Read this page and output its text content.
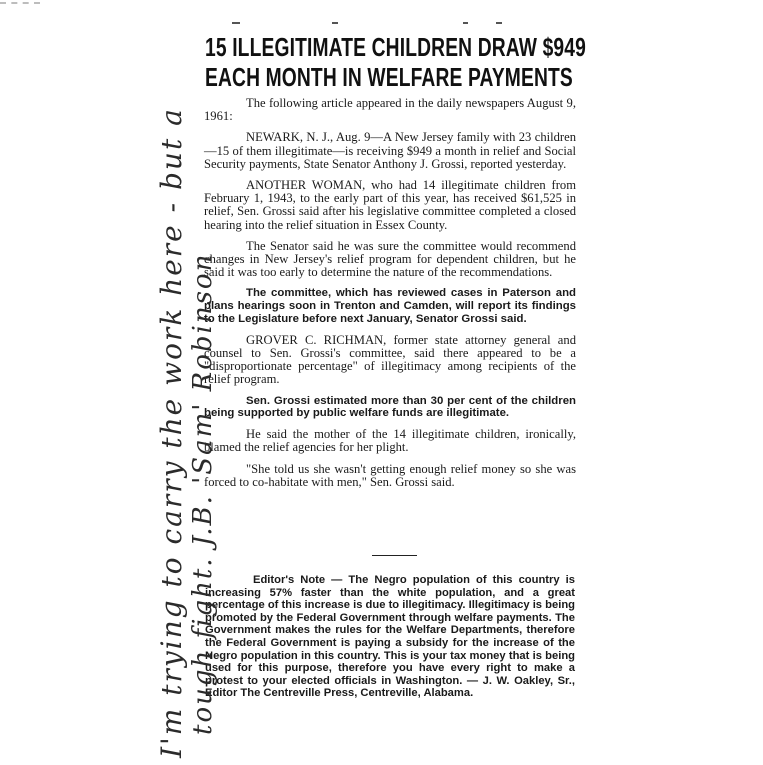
15 ILLEGITIMATE CHILDREN DRAW $949
EACH MONTH IN WELFARE PAYMENTS

The following article appeared in the daily newspapers August 9, 1961:

NEWARK, N. J., Aug. 9—A New Jersey family with 23 children—15 of them illegitimate—is receiving $949 a month in relief and Social Security payments, State Senator Anthony J. Grossi, reported yesterday.

ANOTHER WOMAN, who had 14 illegitimate children from February 1, 1943, to the early part of this year, has received $61,525 in relief, Sen. Grossi said after his legislative committee completed a closed hearing into the relief situation in Essex County.

The Senator said he was sure the committee would recommend changes in New Jersey's relief program for dependent children, but he said it was too early to determine the nature of the recommendations.

The committee, which has reviewed cases in Paterson and plans hearings soon in Trenton and Camden, will report its findings to the Legislature before next January, Senator Grossi said.

GROVER C. RICHMAN, former state attorney general and counsel to Sen. Grossi's committee, said there appeared to be a "disproportionate percentage" of illegitimacy among recipients of the relief program.

Sen. Grossi estimated more than 30 per cent of the children being supported by public welfare funds are illegitimate.

He said the mother of the 14 illegitimate children, ironically, blamed the relief agencies for her plight.

"She told us she wasn't getting enough relief money so she was forced to co-habitate with men," Sen. Grossi said.

Editor's Note — The Negro population of this country is increasing 57% faster than the white population, and a great percentage of this increase is due to illegitimacy. Illegitimacy is being promoted by the Federal Government through welfare payments. The Government makes the rules for the Welfare Departments, therefore the Federal Government is paying a subsidy for the increase of the Negro population in this country. This is your tax money that is being used for this purpose, therefore you have every right to make a protest to your elected officials in Washington. — J. W. Oakley, Sr., Editor The Centreville Press, Centreville, Alabama.
I'm trying to carry the work here - but a tough fight. J.B. 'Sam' Robinson
